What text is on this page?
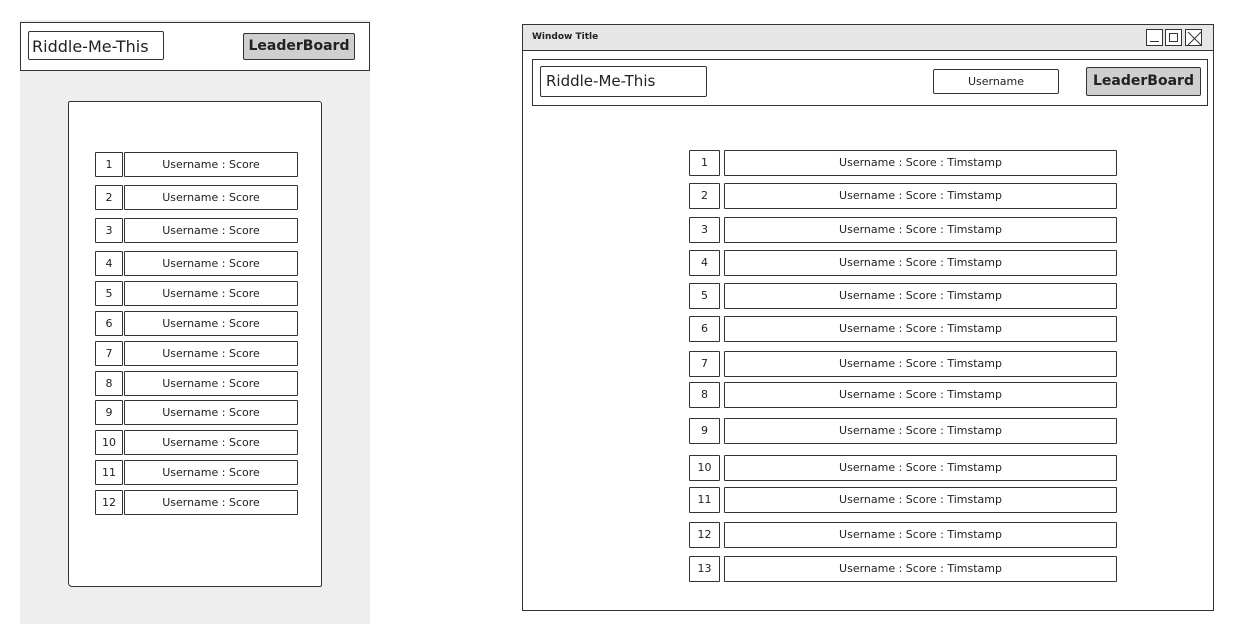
Riddle-Me-This	LeaderBoard
1	Username : Score
2	Username : Score
3	Username : Score
4	Username : Score
5	Username : Score
6	Username : Score
7	Username : Score
8	Username : Score
9	Username : Score
10	Username : Score
11	Username : Score
12	Username : Score
Window Title
Riddle-Me-This	Username	LeaderBoard
1	Username : Score : Timstamp
2	Username : Score : Timstamp
3	Username : Score : Timstamp
4	Username : Score : Timstamp
5	Username : Score : Timstamp
6	Username : Score : Timstamp
7	Username : Score : Timstamp
8	Username : Score : Timstamp
9	Username : Score : Timstamp
10	Username : Score : Timstamp
11	Username : Score : Timstamp
12	Username : Score : Timstamp
13	Username : Score : Timstamp
